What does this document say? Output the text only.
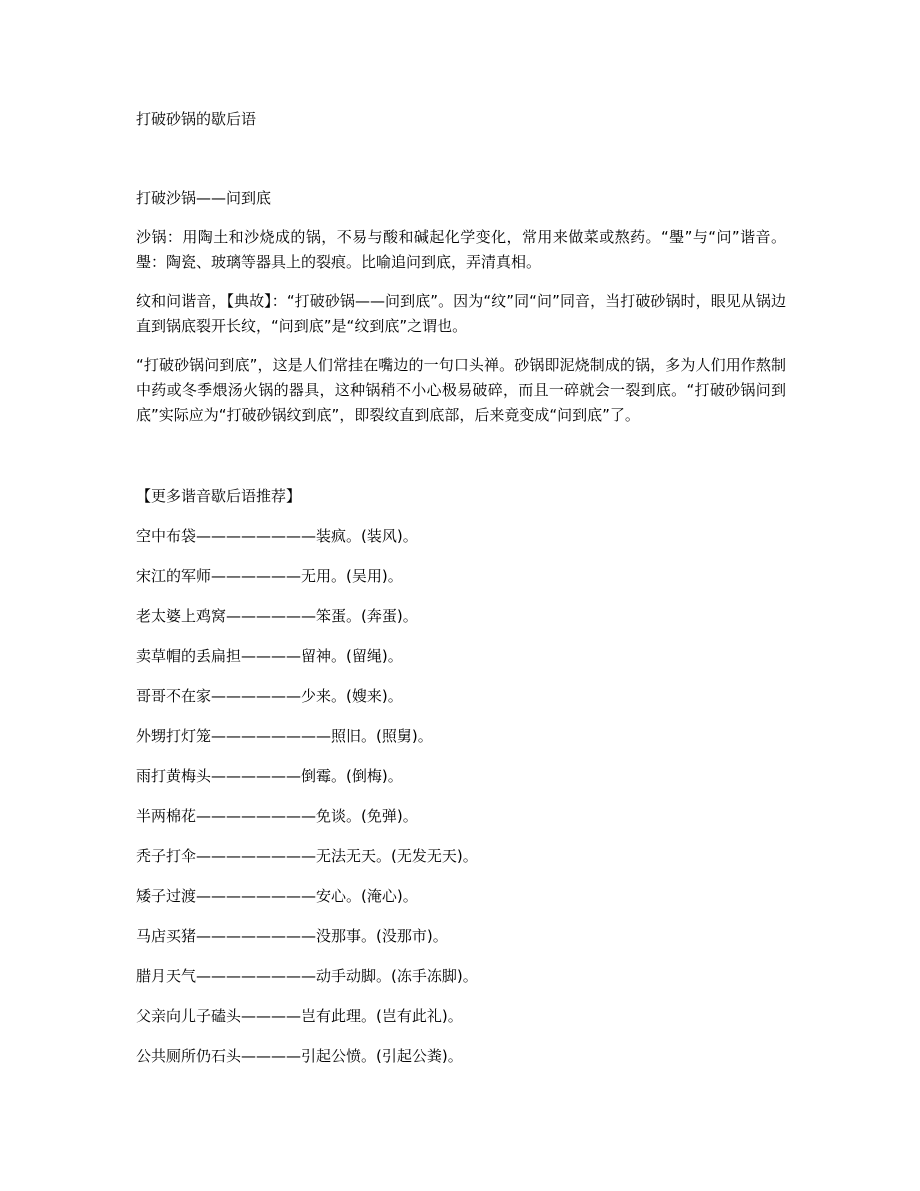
打破砂锅的歇后语
打破沙锅——问到底

沙锅：用陶土和沙烧成的锅，不易与酸和碱起化学变化，常用来做菜或熬药。“璺”与“问”谐音。璺：陶瓷、玻璃等器具上的裂痕。比喻追问到底，弄清真相。

纹和问谐音，【典故】：“打破砂锅——问到底”。因为“纹”同“问”同音，当打破砂锅时，眼见从锅边直到锅底裂开长纹，“问到底”是“纹到底”之谓也。

“打破砂锅问到底”，这是人们常挂在嘴边的一句口头禅。砂锅即泥烧制成的锅，多为人们用作熬制中药或冬季煨汤火锅的器具，这种锅稍不小心极易破碎，而且一碎就会一裂到底。“打破砂锅问到底”实际应为“打破砂锅纹到底”，即裂纹直到底部，后来竟变成“问到底”了。

【更多谐音歇后语推荐】
空中布袋————————装疯。(装风)。
宋江的军师——————无用。(吴用)。
老太婆上鸡窝——————笨蛋。(奔蛋)。
卖草帽的丢扁担————留神。(留绳)。
哥哥不在家——————少来。(嫂来)。
外甥打灯笼————————照旧。(照舅)。
雨打黄梅头——————倒霉。(倒梅)。
半两棉花————————免谈。(免弹)。
秃子打伞————————无法无天。(无发无天)。
矮子过渡————————安心。(淹心)。
马店买猪————————没那事。(没那市)。
腊月天气————————动手动脚。(冻手冻脚)。
父亲向儿子磕头————岂有此理。(岂有此礼)。
公共厕所仍石头————引起公愤。(引起公粪)。
